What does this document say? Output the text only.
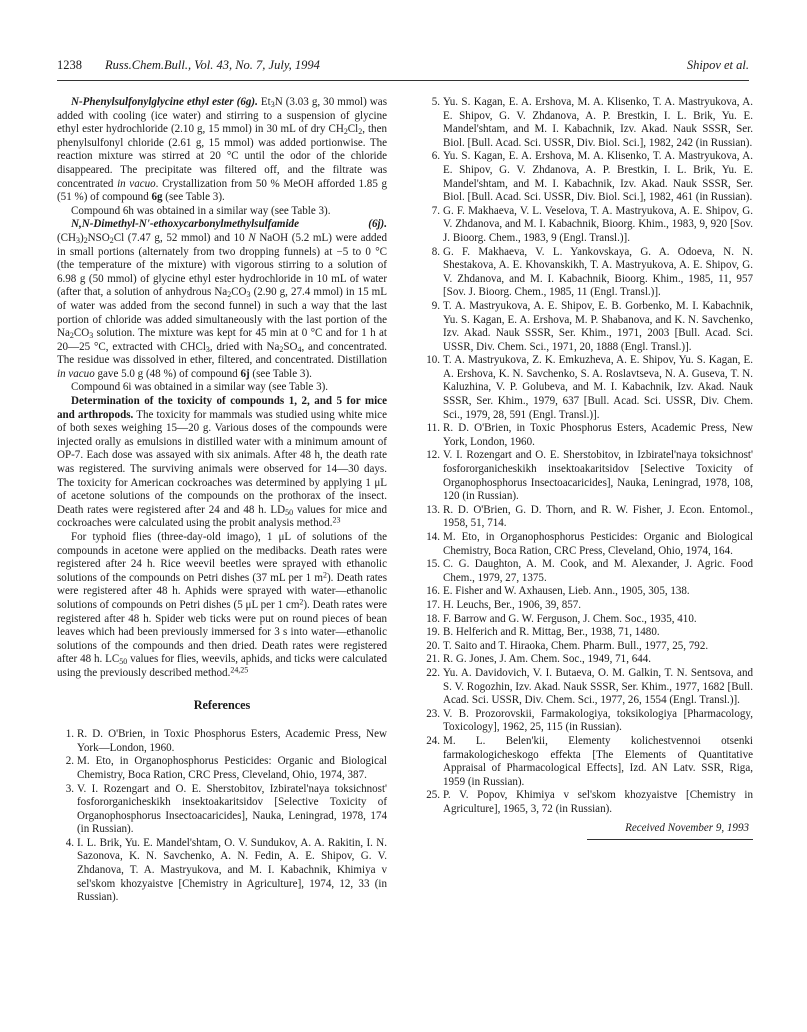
1238	Russ.Chem.Bull., Vol. 43, No. 7, July, 1994	Shipov et al.

N-Phenylsulfonylglycine ethyl ester (6g). $Et_3N$ (3.03 g, 30 mmol) was added with cooling (ice water) and stirring to a suspension of glycine ethyl ester hydrochloride (2.10 g, 15 mmol) in 30 mL of dry $CH_2Cl_2$, then phenylsulfonyl chloride (2.61 g, 15 mmol) was added portionwise. The reaction mixture was stirred at 20 °C until the odor of the chloride disappeared. The precipitate was filtered off, and the filtrate was concentrated in vacuo. Crystallization from 50 % MeOH afforded 1.85 g (51 %) of compound 6g (see Table 3).

Compound 6h was obtained in a similar way (see Table 3).

N,N-Dimethyl-N'-ethoxycarbonylmethylsulfamide (6j). $(CH_3)_2NSO_2Cl$ (7.47 g, 52 mmol) and 10 N NaOH (5.2 mL) were added in small portions (alternately from two dropping funnels) at −5 to 0 °C (the temperature of the mixture) with vigorous stirring to a solution of 6.98 g (50 mmol) of glycine ethyl ester hydrochloride in 10 mL of water (after that, a solution of anhydrous $Na_2CO_3$ (2.90 g, 27.4 mmol) in 15 mL of water was added from the second funnel) in such a way that the last portion of chloride was added simultaneously with the last portion of the $Na_2CO_3$ solution. The mixture was kept for 45 min at 0 °C and for 1 h at 20—25 °C, extracted with CHCl$_3$, dried with $Na_2SO_4$, and concentrated. The residue was dissolved in ether, filtered, and concentrated. Distillation in vacuo gave 5.0 g (48 %) of compound 6j (see Table 3).

Compound 6i was obtained in a similar way (see Table 3).

Determination of the toxicity of compounds 1, 2, and 5 for mice and arthropods. The toxicity for mammals was studied using white mice of both sexes weighing 15—20 g. Various doses of the compounds were injected orally as emulsions in distilled water with a minimum amount of OP-7. Each dose was assayed with six animals. After 48 h, the death rate was registered. The surviving animals were observed for 14—30 days. The toxicity for American cockroaches was determined by applying 1 μL of acetone solutions of the compounds on the prothorax of the insect. Death rates were registered after 24 and 48 h. $LD_{50}$ values for mice and cockroaches were calculated using the probit analysis method.$^{23}$

For typhoid flies (three-day-old imago), 1 μL of solutions of the compounds in acetone were applied on the medibacks. Death rates were registered after 24 h. Rice weevil beetles were sprayed with ethanolic solutions of the compounds on Petri dishes (37 mL per 1 $m^2$). Death rates were registered after 48 h. Aphids were sprayed with water—ethanolic solutions of compounds on Petri dishes (5 μL per 1 $cm^2$). Death rates were registered after 48 h. Spider web ticks were put on round pieces of bean leaves which had been previously immersed for 3 s into water—ethanolic solutions of the compounds and then dried. Death rates were registered after 48 h. $LC_{50}$ values for flies, weevils, aphids, and ticks were calculated using the previously described method.$^{24,25}$

References
1. R. D. O'Brien, in Toxic Phosphorus Esters, Academic Press, New York—London, 1960.
2. M. Eto, in Organophosphorus Pesticides: Organic and Biological Chemistry, Boca Ration, CRC Press, Cleveland, Ohio, 1974, 387.
3. V. I. Rozengart and O. E. Sherstobitov, Izbiratel'naya toksichnost' fosfororganicheskikh insektoakaritsidov [Selective Toxicity of Organophosphorus Insectoacaricides], Nauka, Leningrad, 1978, 174 (in Russian).
4. I. L. Brik, Yu. E. Mandel'shtam, O. V. Sundukov, A. A. Rakitin, I. N. Sazonova, K. N. Savchenko, A. N. Fedin, A. E. Shipov, G. V. Zhdanova, T. A. Mastryukova, and M. I. Kabachnik, Khimiya v sel'skom khozyaistve [Chemistry in Agriculture], 1974, 12, 33 (in Russian).
5. Yu. S. Kagan, E. A. Ershova, M. A. Klisenko, T. A. Mastryukova, A. E. Shipov, G. V. Zhdanova, A. P. Brestkin, I. L. Brik, Yu. E. Mandel'shtam, and M. I. Kabachnik, Izv. Akad. Nauk SSSR, Ser. Biol. [Bull. Acad. Sci. USSR, Div. Biol. Sci.], 1982, 242 (in Russian).
6. Yu. S. Kagan, E. A. Ershova, M. A. Klisenko, T. A. Mastryukova, A. E. Shipov, G. V. Zhdanova, A. P. Brestkin, I. L. Brik, Yu. E. Mandel'shtam, and M. I. Kabachnik, Izv. Akad. Nauk SSSR, Ser. Biol. [Bull. Acad. Sci. USSR, Div. Biol. Sci.], 1982, 461 (in Russian).
7. G. F. Makhaeva, V. L. Veselova, T. A. Mastryukova, A. E. Shipov, G. V. Zhdanova, and M. I. Kabachnik, Bioorg. Khim., 1983, 9, 920 [Sov. J. Bioorg. Chem., 1983, 9 (Engl. Transl.)].
8. G. F. Makhaeva, V. L. Yankovskaya, G. A. Odoeva, N. N. Shestakova, A. E. Khovanskikh, T. A. Mastryukova, A. E. Shipov, G. V. Zhdanova, and M. I. Kabachnik, Bioorg. Khim., 1985, 11, 957 [Sov. J. Bioorg. Chem., 1985, 11 (Engl. Transl.)].
9. T. A. Mastryukova, A. E. Shipov, E. B. Gorbenko, M. I. Kabachnik, Yu. S. Kagan, E. A. Ershova, M. P. Shabanova, and K. N. Savchenko, Izv. Akad. Nauk SSSR, Ser. Khim., 1971, 2003 [Bull. Acad. Sci. USSR, Div. Chem. Sci., 1971, 20, 1888 (Engl. Transl.)].
10. T. A. Mastryukova, Z. K. Emkuzheva, A. E. Shipov, Yu. S. Kagan, E. A. Ershova, K. N. Savchenko, S. A. Roslavtseva, N. A. Guseva, T. N. Kaluzhina, V. P. Golubeva, and M. I. Kabachnik, Izv. Akad. Nauk SSSR, Ser. Khim., 1979, 637 [Bull. Acad. Sci. USSR, Div. Chem. Sci., 1979, 28, 591 (Engl. Transl.)].
11. R. D. O'Brien, in Toxic Phosphorus Esters, Academic Press, New York, London, 1960.
12. V. I. Rozengart and O. E. Sherstobitov, in Izbiratel'naya toksichnost' fosfororganicheskikh insektoakaritsidov [Selective Toxicity of Organophosphorus Insectoacaricides], Nauka, Leningrad, 1978, 108, 120 (in Russian).
13. R. D. O'Brien, G. D. Thorn, and R. W. Fisher, J. Econ. Entomol., 1958, 51, 714.
14. M. Eto, in Organophosphorus Pesticides: Organic and Biological Chemistry, Boca Ration, CRC Press, Cleveland, Ohio, 1974, 164.
15. C. G. Daughton, A. M. Cook, and M. Alexander, J. Agric. Food Chem., 1979, 27, 1375.
16. E. Fisher and W. Axhausen, Lieb. Ann., 1905, 305, 138.
17. H. Leuchs, Ber., 1906, 39, 857.
18. F. Barrow and G. W. Ferguson, J. Chem. Soc., 1935, 410.
19. B. Helferich and R. Mittag, Ber., 1938, 71, 1480.
20. T. Saito and T. Hiraoka, Chem. Pharm. Bull., 1977, 25, 792.
21. R. G. Jones, J. Am. Chem. Soc., 1949, 71, 644.
22. Yu. A. Davidovich, V. I. Butaeva, O. M. Galkin, T. N. Sentsova, and S. V. Rogozhin, Izv. Akad. Nauk SSSR, Ser. Khim., 1977, 1682 [Bull. Acad. Sci. USSR, Div. Chem. Sci., 1977, 26, 1554 (Engl. Transl.)].
23. V. B. Prozorovskii, Farmakologiya, toksikologiya [Pharmacology, Toxicology], 1962, 25, 115 (in Russian).
24. M. L. Belen'kii, Elementy kolichestvennoi otsenki farmakologicheskogo effekta [The Elements of Quantitative Appraisal of Pharmacological Effects], Izd. AN Latv. SSR, Riga, 1959 (in Russian).
25. P. V. Popov, Khimiya v sel'skom khozyaistve [Chemistry in Agriculture], 1965, 3, 72 (in Russian).
Received November 9, 1993
